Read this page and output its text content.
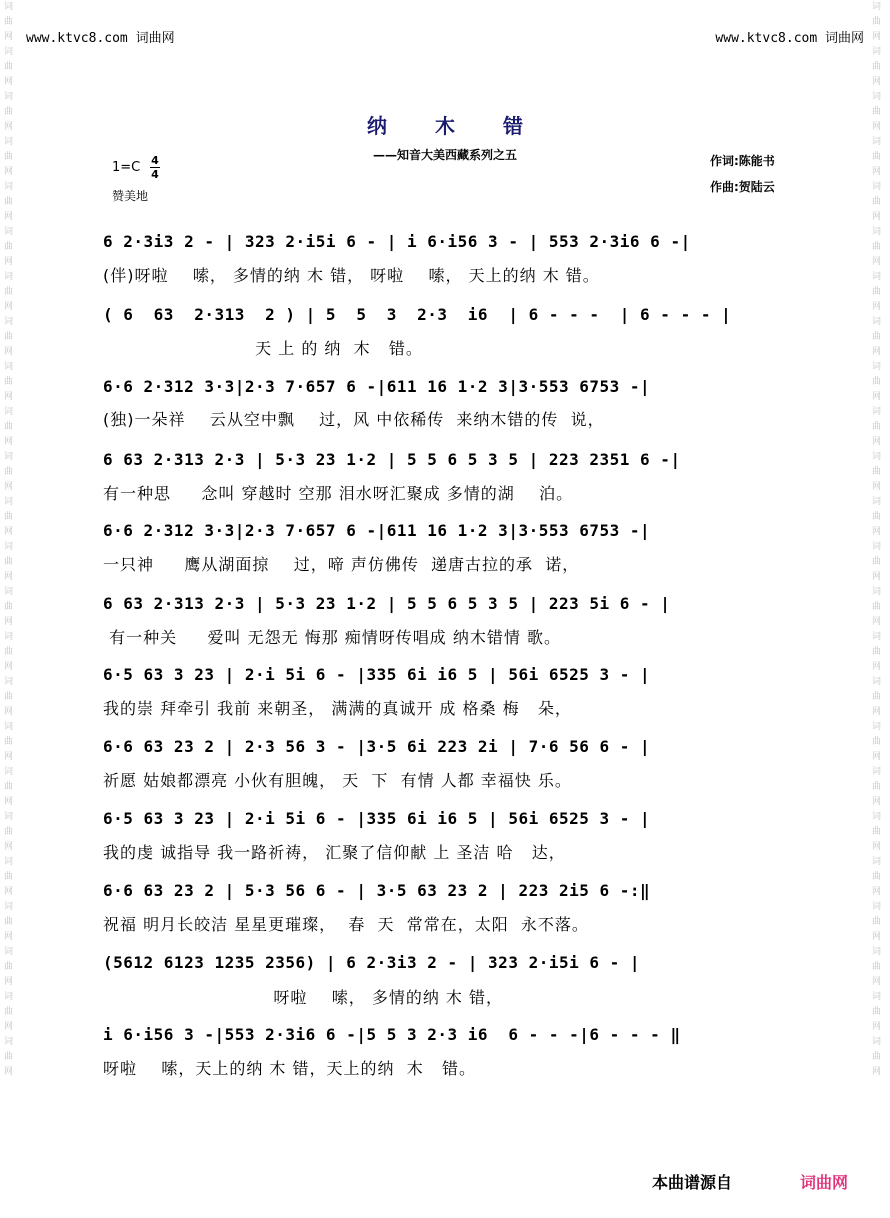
词曲网词曲网词曲网词曲网词曲网词曲网词曲网词曲网词曲网词曲网词曲网词曲网词曲网词曲网词曲网词曲网词曲网词曲网词曲网词曲网词曲网词曲网词曲网词曲网
词曲网词曲网词曲网词曲网词曲网词曲网词曲网词曲网词曲网词曲网词曲网词曲网词曲网词曲网词曲网词曲网词曲网词曲网词曲网词曲网词曲网词曲网词曲网词曲网
www.ktvc8.com 词曲网	www.ktvc8.com 词曲网
纳木错
——知音大美西藏系列之五
1=C 4
4
赞美地
作词:陈能书
作曲:贺陆云
6 2·3i3 2 - | 323 2·i5i 6 - | i 6·i56 3 - | 553 2·3i6 6 -|
(伴)呀啦    嗦， 多情的纳 木 错， 呀啦    嗦， 天上的纳 木 错。
( 6  63  2·313  2 ) | 5  5  3  2·3  i6  | 6 - - -  | 6 - - - |
天 上 的 纳  木   错。
6·6 2·312 3·3|2·3 7·657 6 -|611 16 1·2 3|3·553 6753 -|
(独)一朵祥    云从空中飘    过，风 中依稀传  来纳木错的传  说，
6 63 2·313 2·3 | 5·3 23 1·2 | 5 5 6 5 3 5 | 223 2351 6 -|
有一种思     念叫 穿越时 空那 泪水呀汇聚成 多情的湖    泊。
6·6 2·312 3·3|2·3 7·657 6 -|611 16 1·2 3|3·553 6753 -|
一只神     鹰从湖面掠    过，啼 声仿佛传  递唐古拉的承  诺，
6 63 2·313 2·3 | 5·3 23 1·2 | 5 5 6 5 3 5 | 223 5i 6 - |
有一种关     爱叫 无怨无 悔那 痴情呀传唱成 纳木错情 歌。
6·5 63 3 23 | 2·i 5i 6 - |335 6i i6 5 | 56i 6525 3 - |
我的崇 拜牵引 我前 来朝圣， 满满的真诚开 成 格桑 梅   朵，
6·6 63 23 2 | 2·3 56 3 - |3·5 6i 223 2i | 7·6 56 6 - |
祈愿 姑娘都漂亮 小伙有胆魄， 天  下  有情 人都 幸福快 乐。
6·5 63 3 23 | 2·i 5i 6 - |335 6i i6 5 | 56i 6525 3 - |
我的虔 诚指导 我一路祈祷， 汇聚了信仰献 上 圣洁 哈   达，
6·6 63 23 2 | 5·3 56 6 - | 3·5 63 23 2 | 223 2i5 6 -:‖
祝福 明月长皎洁 星星更璀璨，  春  天  常常在，太阳  永不落。
(5612 6123 1235 2356) | 6 2·3i3 2 - | 323 2·i5i 6 - |
呀啦    嗦， 多情的纳 木 错，
i 6·i56 3 -|553 2·3i6 6 -|5 5 3 2·3 i6  6 - - -|6 - - - ‖
呀啦    嗦，天上的纳 木 错，天上的纳  木   错。
本曲谱源自	词曲网
